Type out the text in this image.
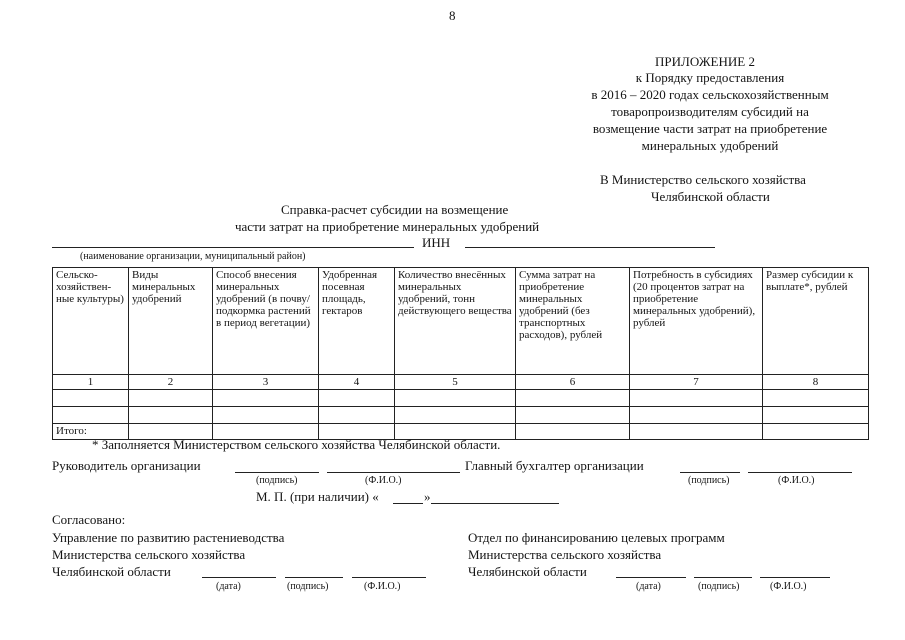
8
ПРИЛОЖЕНИЕ 2
к Порядку предоставления
в 2016 – 2020 годах сельскохозяйственным
товаропроизводителям субсидий на
возмещение части затрат на приобретение
минеральных удобрений
В Министерство сельского хозяйства
Челябинской области
Справка-расчет субсидии на возмещение
части затрат на приобретение минеральных удобрений
ИНН
(наименование организации, муниципальный район)
Сельско-хозяйствен-ные культуры)	Виды минеральных удобрений	Способ внесения минеральных удобрений (в почву/ подкормка растений в период вегетации)	Удобренная посевная площадь, гектаров	Количество внесённых минеральных удобрений, тонн действующего вещества	Сумма затрат на приобретение минеральных удобрений (без транспортных расходов), рублей	Потребность в субсидиях (20 процентов затрат на приобретение минеральных удобрений), рублей	Размер субсидии к выплате*, рублей
1	2	3	4	5	6	7	8

Итого:							
* Заполняется Министерством сельского хозяйства Челябинской области.
Руководитель организации	Главный бухгалтер организации
(подпись)	(Ф.И.О.)	(подпись)	(Ф.И.О.)
М. П. (при наличии) «	»
Согласовано:
Управление по развитию растениеводства
Министерства сельского хозяйства
Челябинской области
(дата)	(подпись)	(Ф.И.О.)
Отдел по финансированию целевых программ
Министерства сельского хозяйства
Челябинской области
(дата)	(подпись)	(Ф.И.О.)
